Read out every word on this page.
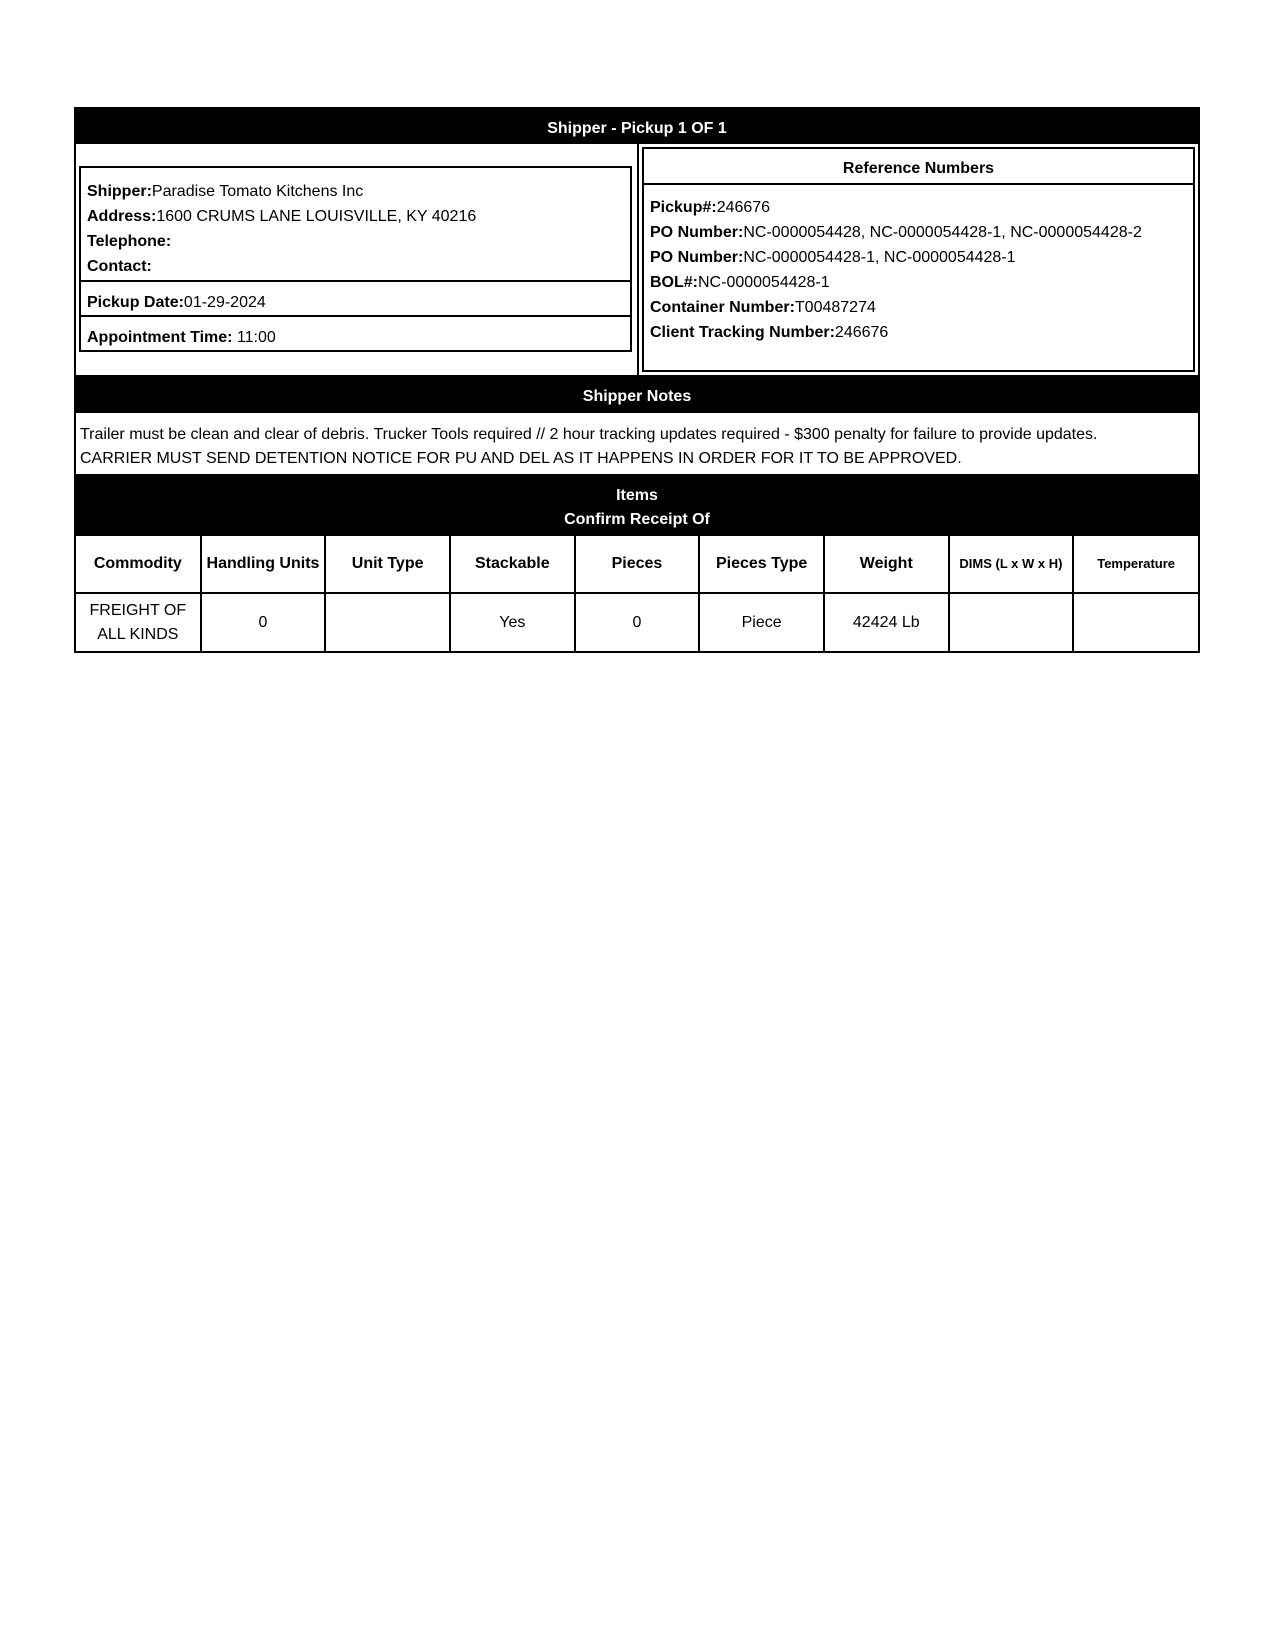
Shipper - Pickup 1 OF 1
Shipper:Paradise Tomato Kitchens Inc
Address:1600 CRUMS LANE LOUISVILLE, KY 40216
Telephone:
Contact:
Pickup Date:01-29-2024
Appointment Time: 11:00
Reference Numbers
Pickup#:246676
PO Number:NC-0000054428, NC-0000054428-1, NC-0000054428-2
PO Number:NC-0000054428-1, NC-0000054428-1
BOL#:NC-0000054428-1
Container Number:T00487274
Client Tracking Number:246676
Shipper Notes
Trailer must be clean and clear of debris. Trucker Tools required // 2 hour tracking updates required - $300 penalty for failure to provide updates.
CARRIER MUST SEND DETENTION NOTICE FOR PU AND DEL AS IT HAPPENS IN ORDER FOR IT TO BE APPROVED.
Items
Confirm Receipt Of
Commodity	Handling Units	Unit Type	Stackable	Pieces	Pieces Type	Weight	DIMS (L x W x H)	Temperature
FREIGHT OF ALL KINDS	0		Yes	0	Piece	42424 Lb		
